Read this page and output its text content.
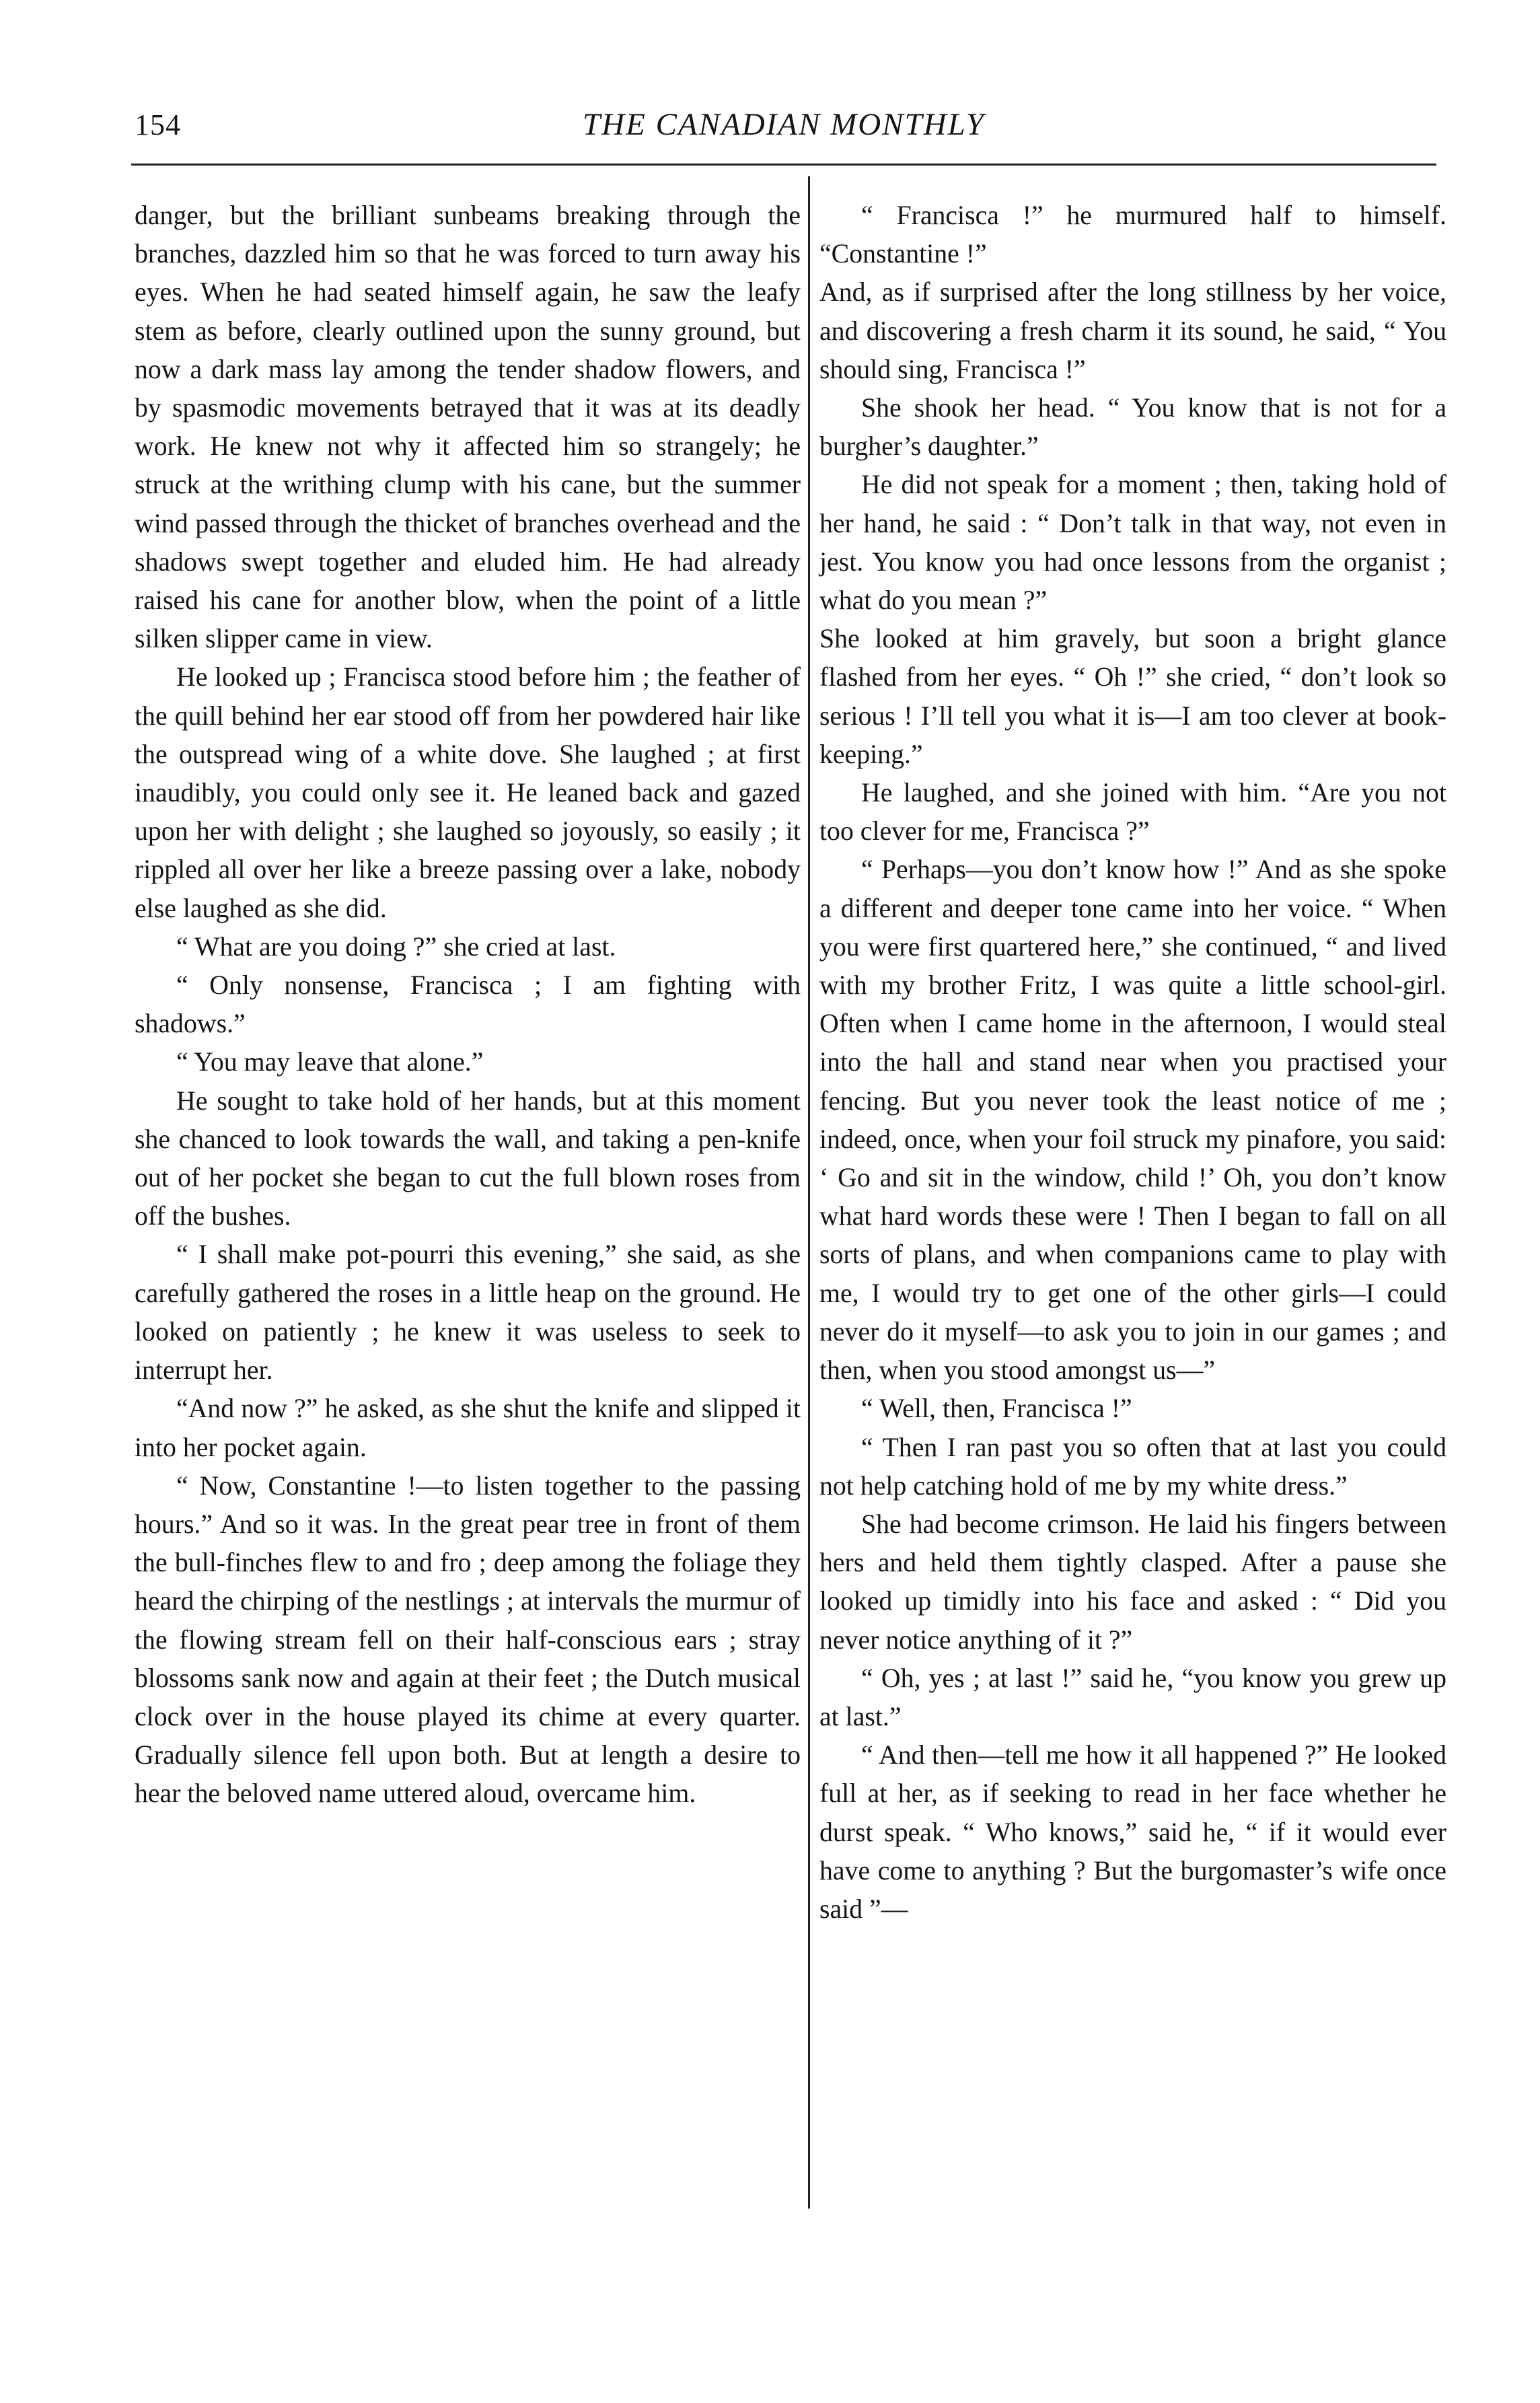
154	THE CANADIAN MONTHLY

danger, but the brilliant sunbeams breaking through the branches, dazzled him so that he was forced to turn away his eyes. When he had seated himself again, he saw the leafy stem as before, clearly outlined upon the sunny ground, but now a dark mass lay among the tender shadow flowers, and by spasmodic movements betrayed that it was at its deadly work. He knew not why it affected him so strangely; he struck at the writhing clump with his cane, but the summer wind passed through the thicket of branches overhead and the shadows swept together and eluded him. He had already raised his cane for another blow, when the point of a little silken slipper came in view.

He looked up ; Francisca stood before him ; the feather of the quill behind her ear stood off from her powdered hair like the outspread wing of a white dove. She laughed ; at first inaudibly, you could only see it. He leaned back and gazed upon her with delight ; she laughed so joyously, so easily ; it rippled all over her like a breeze passing over a lake, nobody else laughed as she did.

“ What are you doing ?” she cried at last.

“ Only nonsense, Francisca ; I am fighting with shadows.”

“ You may leave that alone.”

He sought to take hold of her hands, but at this moment she chanced to look towards the wall, and taking a pen-knife out of her pocket she began to cut the full blown roses from off the bushes.

“ I shall make pot-pourri this evening,” she said, as she carefully gathered the roses in a little heap on the ground. He looked on patiently ; he knew it was useless to seek to interrupt her.

“And now ?” he asked, as she shut the knife and slipped it into her pocket again.

“ Now, Constantine !—to listen together to the passing hours.” And so it was. In the great pear tree in front of them the bull-finches flew to and fro ; deep among the foliage they heard the chirping of the nestlings ; at intervals the murmur of the flowing stream fell on their half-conscious ears ; stray blossoms sank now and again at their feet ; the Dutch musical clock over in the house played its chime at every quarter. Gradually silence fell upon both. But at length a desire to hear the beloved name uttered aloud, overcame him.

“ Francisca !” he murmured half to himself. “Constantine !”

And, as if surprised after the long stillness by her voice, and discovering a fresh charm it its sound, he said, “ You should sing, Francisca !”

She shook her head. “ You know that is not for a burgher’s daughter.”

He did not speak for a moment ; then, taking hold of her hand, he said : “ Don’t talk in that way, not even in jest. You know you had once lessons from the organist ; what do you mean ?”

She looked at him gravely, but soon a bright glance flashed from her eyes. “ Oh !” she cried, “ don’t look so serious ! I’ll tell you what it is—I am too clever at book-keeping.”

He laughed, and she joined with him. “Are you not too clever for me, Francisca ?”

“ Perhaps—you don’t know how !” And as she spoke a different and deeper tone came into her voice. “ When you were first quartered here,” she continued, “ and lived with my brother Fritz, I was quite a little school-girl. Often when I came home in the afternoon, I would steal into the hall and stand near when you practised your fencing. But you never took the least notice of me ; indeed, once, when your foil struck my pinafore, you said: ‘ Go and sit in the window, child !’ Oh, you don’t know what hard words these were ! Then I began to fall on all sorts of plans, and when companions came to play with me, I would try to get one of the other girls—I could never do it myself—to ask you to join in our games ; and then, when you stood amongst us—”

“ Well, then, Francisca !”

“ Then I ran past you so often that at last you could not help catching hold of me by my white dress.”

She had become crimson. He laid his fingers between hers and held them tightly clasped. After a pause she looked up timidly into his face and asked : “ Did you never notice anything of it ?”

“ Oh, yes ; at last !” said he, “you know you grew up at last.”

“ And then—tell me how it all happened ?” He looked full at her, as if seeking to read in her face whether he durst speak. “ Who knows,” said he, “ if it would ever have come to anything ? But the burgomaster’s wife once said ”—
